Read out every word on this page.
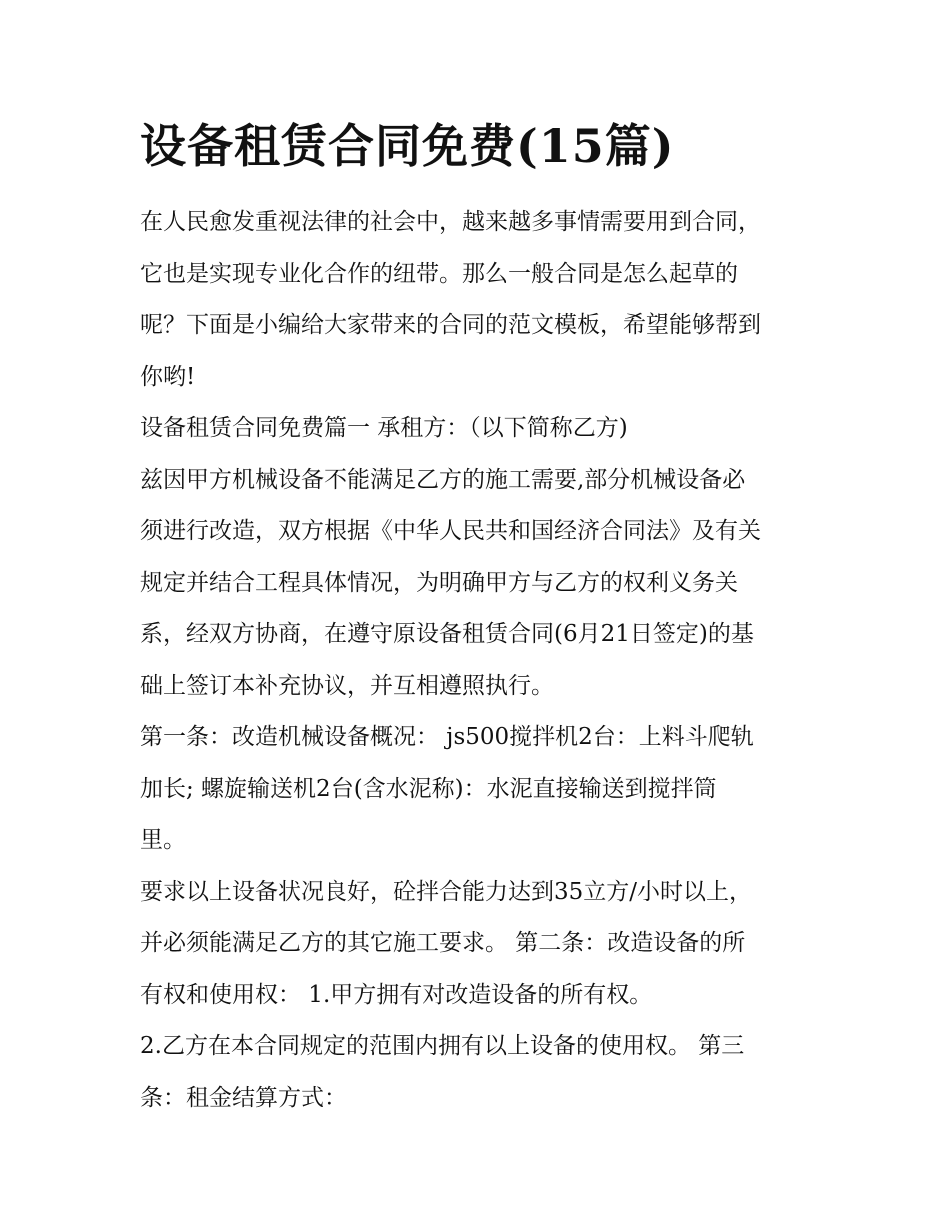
设备租赁合同免费(15篇)
在人民愈发重视法律的社会中，越来越多事情需要用到合同，
它也是实现专业化合作的纽带。那么一般合同是怎么起草的
呢？下面是小编给大家带来的合同的范文模板，希望能够帮到
你哟!
设备租赁合同免费篇一 承租方：（以下简称乙方)
兹因甲方机械设备不能满足乙方的施工需要,部分机械设备必
须进行改造，双方根据《中华人民共和国经济合同法》及有关
规定并结合工程具体情况，为明确甲方与乙方的权利义务关
系，经双方协商，在遵守原设备租赁合同(6月21日签定)的基
础上签订本补充协议，并互相遵照执行。
第一条：改造机械设备概况： js500搅拌机2台：上料斗爬轨
加长; 螺旋输送机2台(含水泥称)：水泥直接输送到搅拌筒
里。
要求以上设备状况良好，砼拌合能力达到35立方/小时以上，
并必须能满足乙方的其它施工要求。 第二条：改造设备的所
有权和使用权： 1.甲方拥有对改造设备的所有权。
2.乙方在本合同规定的范围内拥有以上设备的使用权。 第三
条：租金结算方式：
